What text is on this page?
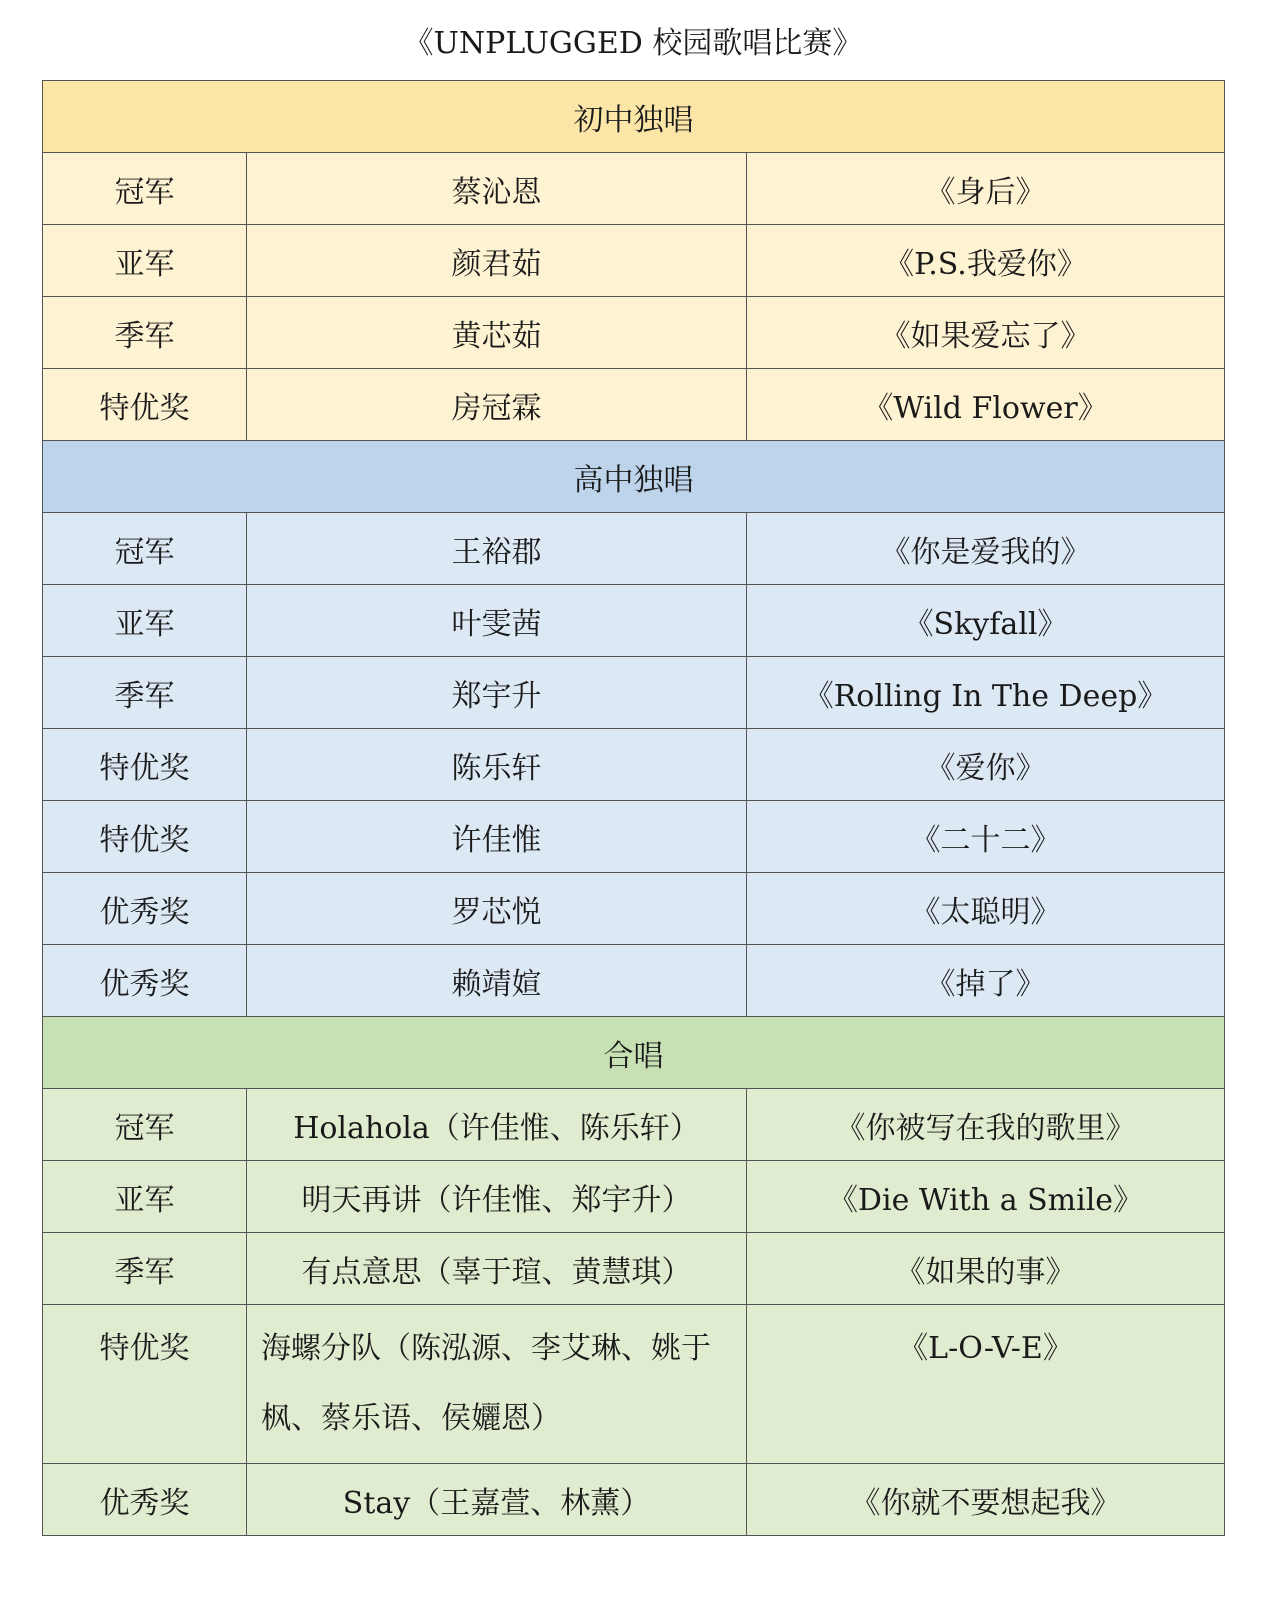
《UNPLUGGED 校园歌唱比赛》
初中独唱		
冠军	蔡沁恩	《身后》
亚军	颜君茹	《P.S.我爱你》
季军	黄芯茹	《如果爱忘了》
特优奖	房冠霖	《Wild Flower》
高中独唱		
冠军	王裕郡	《你是爱我的》
亚军	叶雯茜	《Skyfall》
季军	郑宇升	《Rolling In The Deep》
特优奖	陈乐轩	《爱你》
特优奖	许佳惟	《二十二》
优秀奖	罗芯悦	《太聪明》
优秀奖	赖靖媗	《掉了》
合唱		
冠军	Holahola（许佳惟、陈乐轩）	《你被写在我的歌里》
亚军	明天再讲（许佳惟、郑宇升）	《Die With a Smile》
季军	有点意思（辜于瑄、黄慧琪）	《如果的事》
特优奖	海螺分队（陈泓源、李艾琳、姚于枫、蔡乐语、侯孋恩）	《L-O-V-E》
优秀奖	Stay（王嘉萱、林薰）	《你就不要想起我》
